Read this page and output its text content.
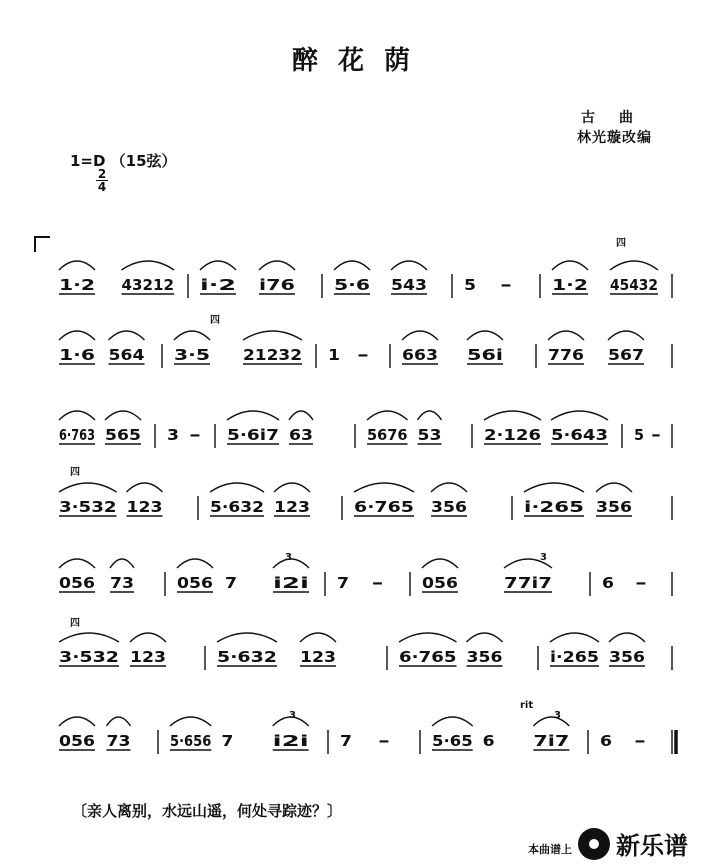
醉花荫
古曲
林光璇改编
1=D （15弦）
2
4
1·2 43212 i·2 i76	5·6 543 5 -	1·2 45432
1·6 564 3·5 21232 1 - 663 56i	776 567
6·763 565 3 - 5·6i7 63	5676 53	2·126 5·643 5 -
3·532 123	5·632 123	6·765 356	i·265 356
056 73	056 7 i2i 7 -	056	77i7	6 -
3·532 123	5·632 123	6·765 356	i·265 356
056 73	5·656 7	i2i 7 -	5·65 6	7i7 6 -
四
四
四
四
3	3
3	3
rit
〔亲人离别，水远山遥，何处寻踪迹？〕
本曲谱上 新乐谱
